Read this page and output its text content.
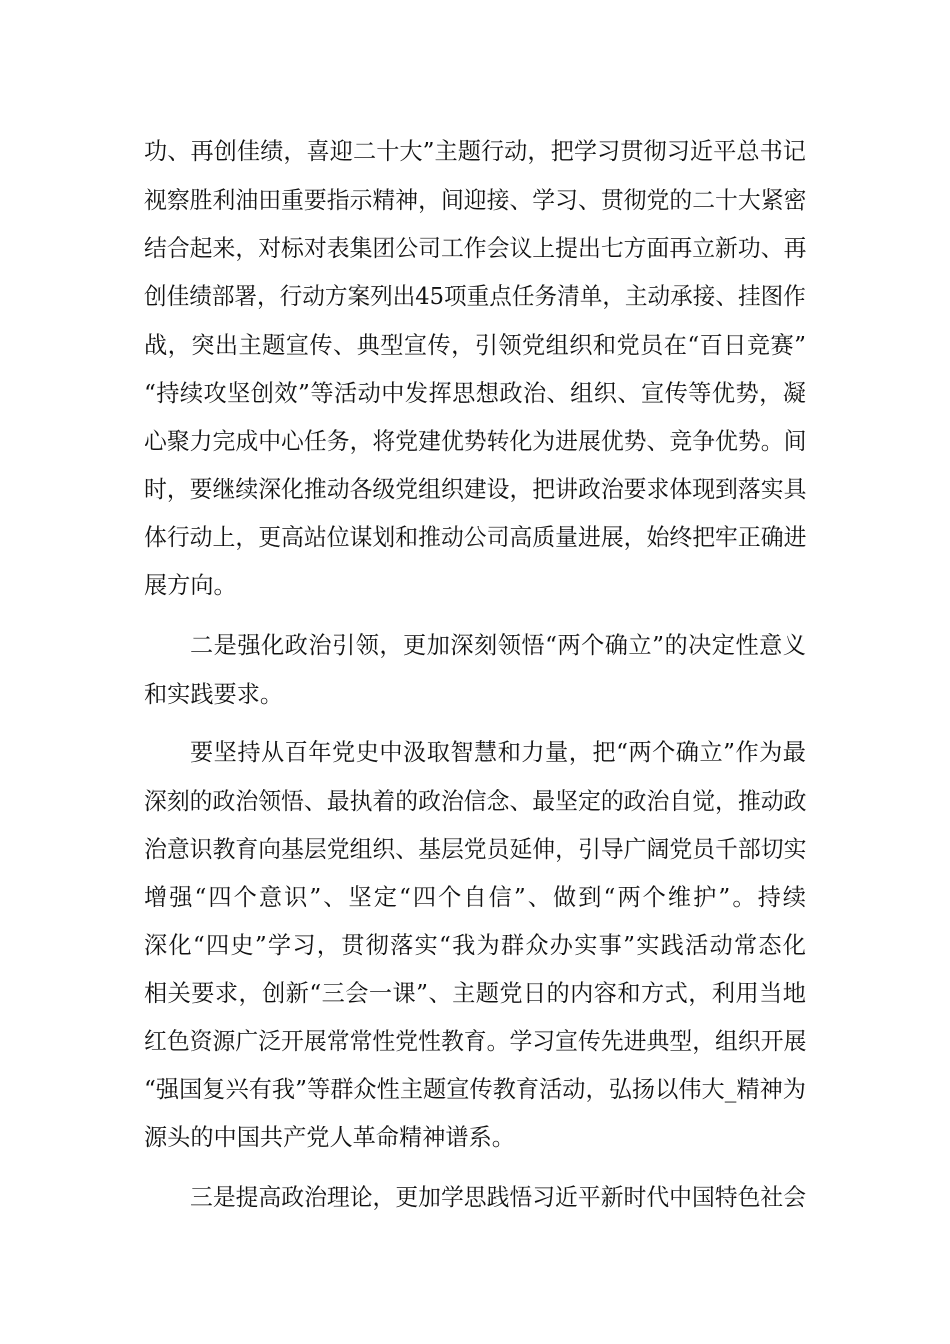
功、再创佳绩，喜迎二十大”主题行动，把学习贯彻习近平总书记
视察胜利油田重要指示精神，间迎接、学习、贯彻党的二十大紧密
结合起来，对标对表集团公司工作会议上提出七方面再立新功、再
创佳绩部署，行动方案列出45项重点任务清单，主动承接、挂图作
战，突出主题宣传、典型宣传，引领党组织和党员在“百日竞赛”
“持续攻坚创效”等活动中发挥思想政治、组织、宣传等优势，凝
心聚力完成中心任务，将党建优势转化为进展优势、竞争优势。间
时，要继续深化推动各级党组织建设，把讲政治要求体现到落实具
体行动上，更高站位谋划和推动公司高质量进展，始终把牢正确进
展方向。
二是强化政治引领，更加深刻领悟“两个确立”的决定性意义
和实践要求。
要坚持从百年党史中汲取智慧和力量，把“两个确立”作为最
深刻的政治领悟、最执着的政治信念、最坚定的政治自觉，推动政
治意识教育向基层党组织、基层党员延伸，引导广阔党员千部切实
增强“四个意识”、坚定“四个自信”、做到“两个维护”。持续
深化“四史”学习，贯彻落实“我为群众办实事”实践活动常态化
相关要求，创新“三会一课”、主题党日的内容和方式，利用当地
红色资源广泛开展常常性党性教育。学习宣传先进典型，组织开展
“强国复兴有我”等群众性主题宣传教育活动，弘扬以伟大_精神为
源头的中国共产党人革命精神谱系。
三是提高政治理论，更加学思践悟习近平新时代中国特色社会
